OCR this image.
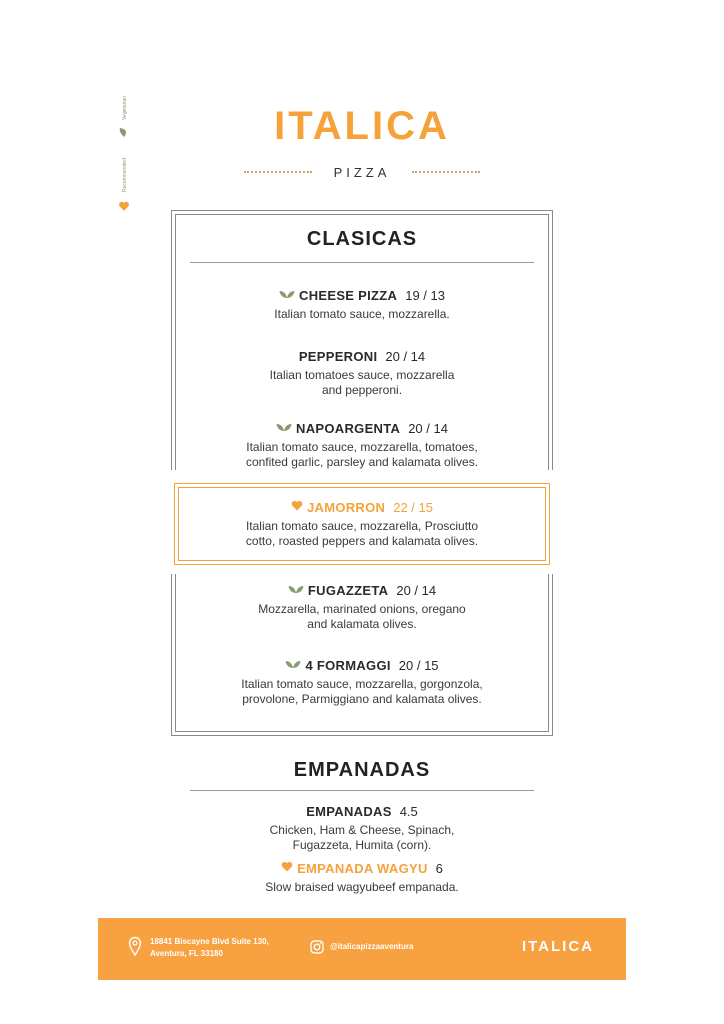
Vegetarian
Recommended
ITALICA
PIZZA
CLASICAS
CHEESE PIZZA 19 / 13
Italian tomato sauce, mozzarella.
PEPPERONI 20 / 14
Italian tomatoes sauce, mozzarella
and pepperoni.
NAPOARGENTA 20 / 14
Italian tomato sauce, mozzarella, tomatoes,
confited garlic, parsley and kalamata olives.
JAMORRON 22 / 15
Italian tomato sauce, mozzarella, Prosciutto
cotto, roasted peppers and kalamata olives.
FUGAZZETA 20 / 14
Mozzarella, marinated onions, oregano
and kalamata olives.
4 FORMAGGI 20 / 15
Italian tomato sauce, mozzarella, gorgonzola,
provolone, Parmiggiano and kalamata olives.
EMPANADAS
EMPANADAS 4.5
Chicken, Ham & Cheese, Spinach,
Fugazzeta, Humita (corn).
EMPANADA WAGYU 6
Slow braised wagyubeef empanada.
18841 Biscayne Blvd Suite 130,
Aventura, FL 33180
@italicapizzaaventura	ITALICA
